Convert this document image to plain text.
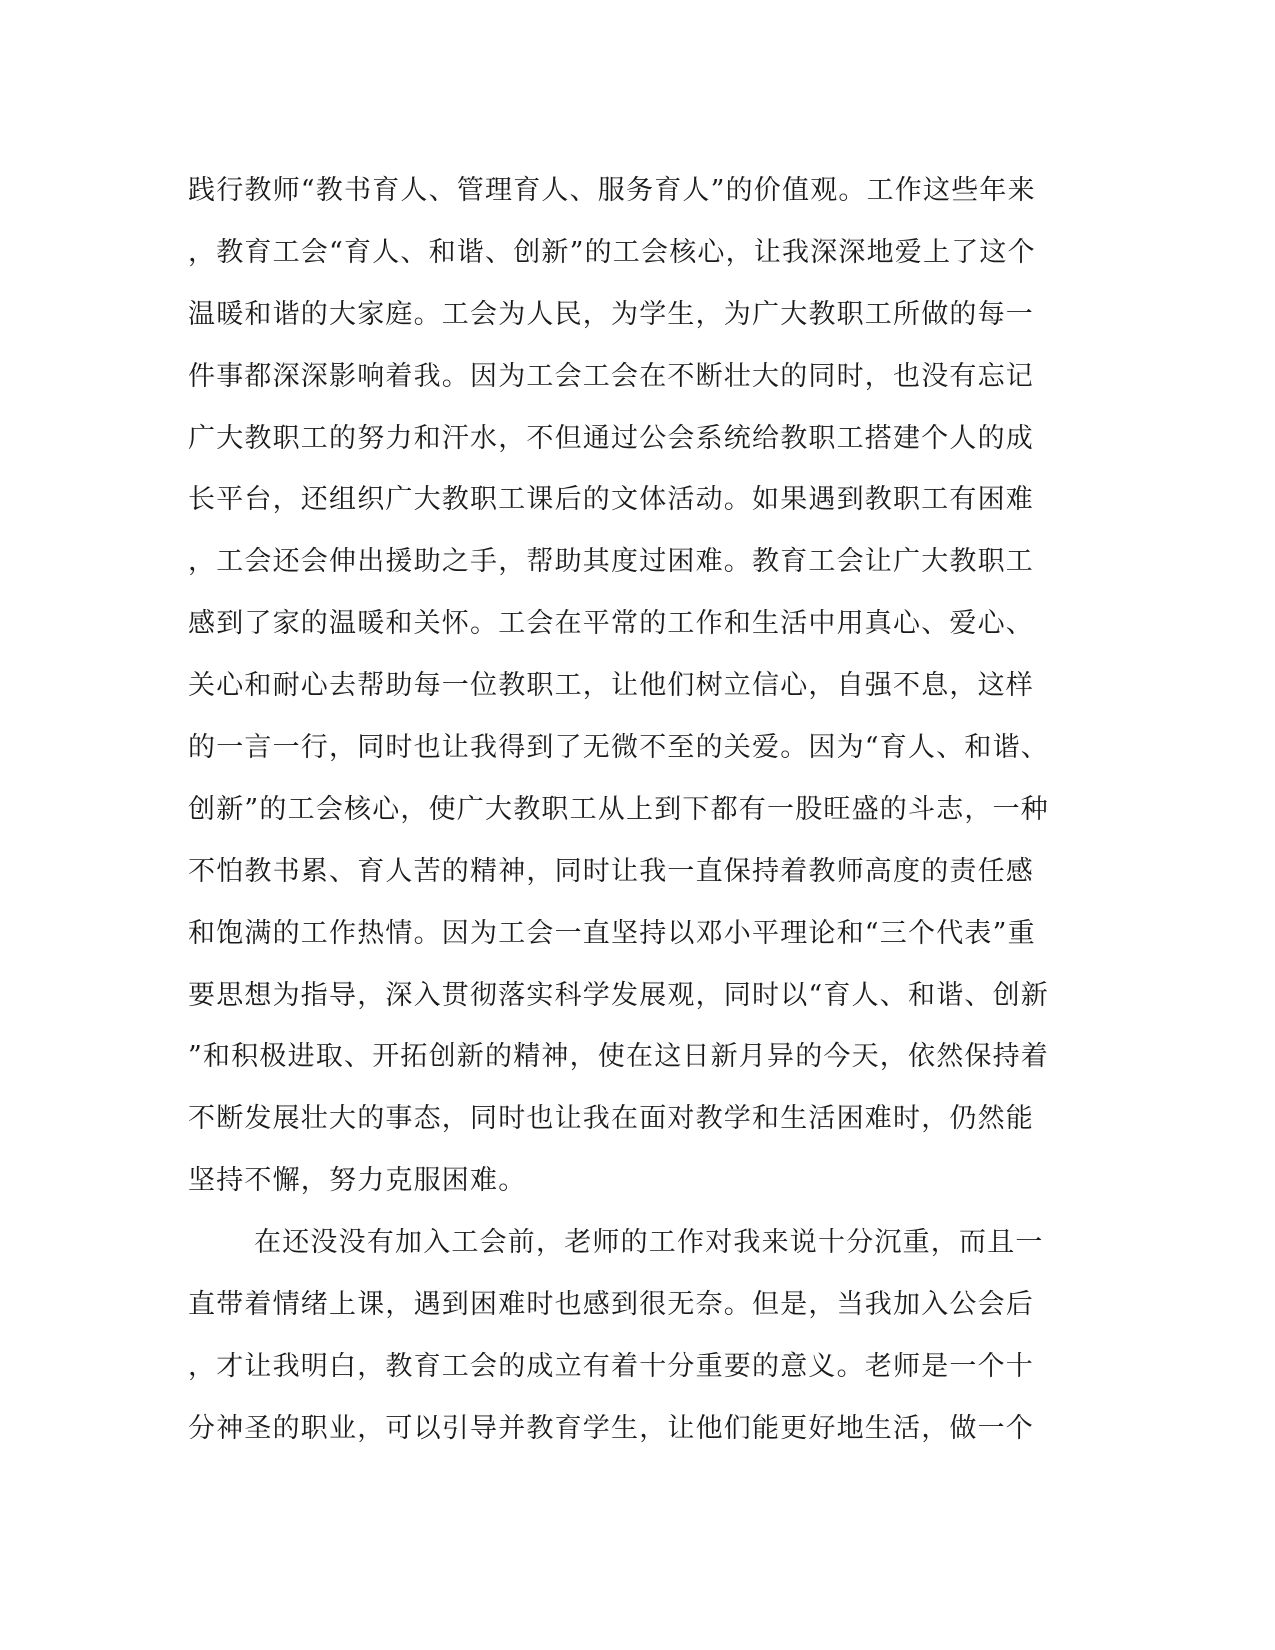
践行教师“教书育人、管理育人、服务育人”的价值观。工作这些年来
，教育工会“育人、和谐、创新”的工会核心，让我深深地爱上了这个
温暖和谐的大家庭。工会为人民，为学生，为广大教职工所做的每一
件事都深深影响着我。因为工会工会在不断壮大的同时，也没有忘记
广大教职工的努力和汗水，不但通过公会系统给教职工搭建个人的成
长平台，还组织广大教职工课后的文体活动。如果遇到教职工有困难
，工会还会伸出援助之手，帮助其度过困难。教育工会让广大教职工
感到了家的温暖和关怀。工会在平常的工作和生活中用真心、爱心、
关心和耐心去帮助每一位教职工，让他们树立信心，自强不息，这样
的一言一行，同时也让我得到了无微不至的关爱。因为“育人、和谐、
创新”的工会核心，使广大教职工从上到下都有一股旺盛的斗志，一种
不怕教书累、育人苦的精神，同时让我一直保持着教师高度的责任感
和饱满的工作热情。因为工会一直坚持以邓小平理论和“三个代表”重
要思想为指导，深入贯彻落实科学发展观，同时以“育人、和谐、创新
”和积极进取、开拓创新的精神，使在这日新月异的今天，依然保持着
不断发展壮大的事态，同时也让我在面对教学和生活困难时，仍然能
坚持不懈，努力克服困难。
在还没没有加入工会前，老师的工作对我来说十分沉重，而且一
直带着情绪上课，遇到困难时也感到很无奈。但是，当我加入公会后
，才让我明白，教育工会的成立有着十分重要的意义。老师是一个十
分神圣的职业，可以引导并教育学生，让他们能更好地生活，做一个
